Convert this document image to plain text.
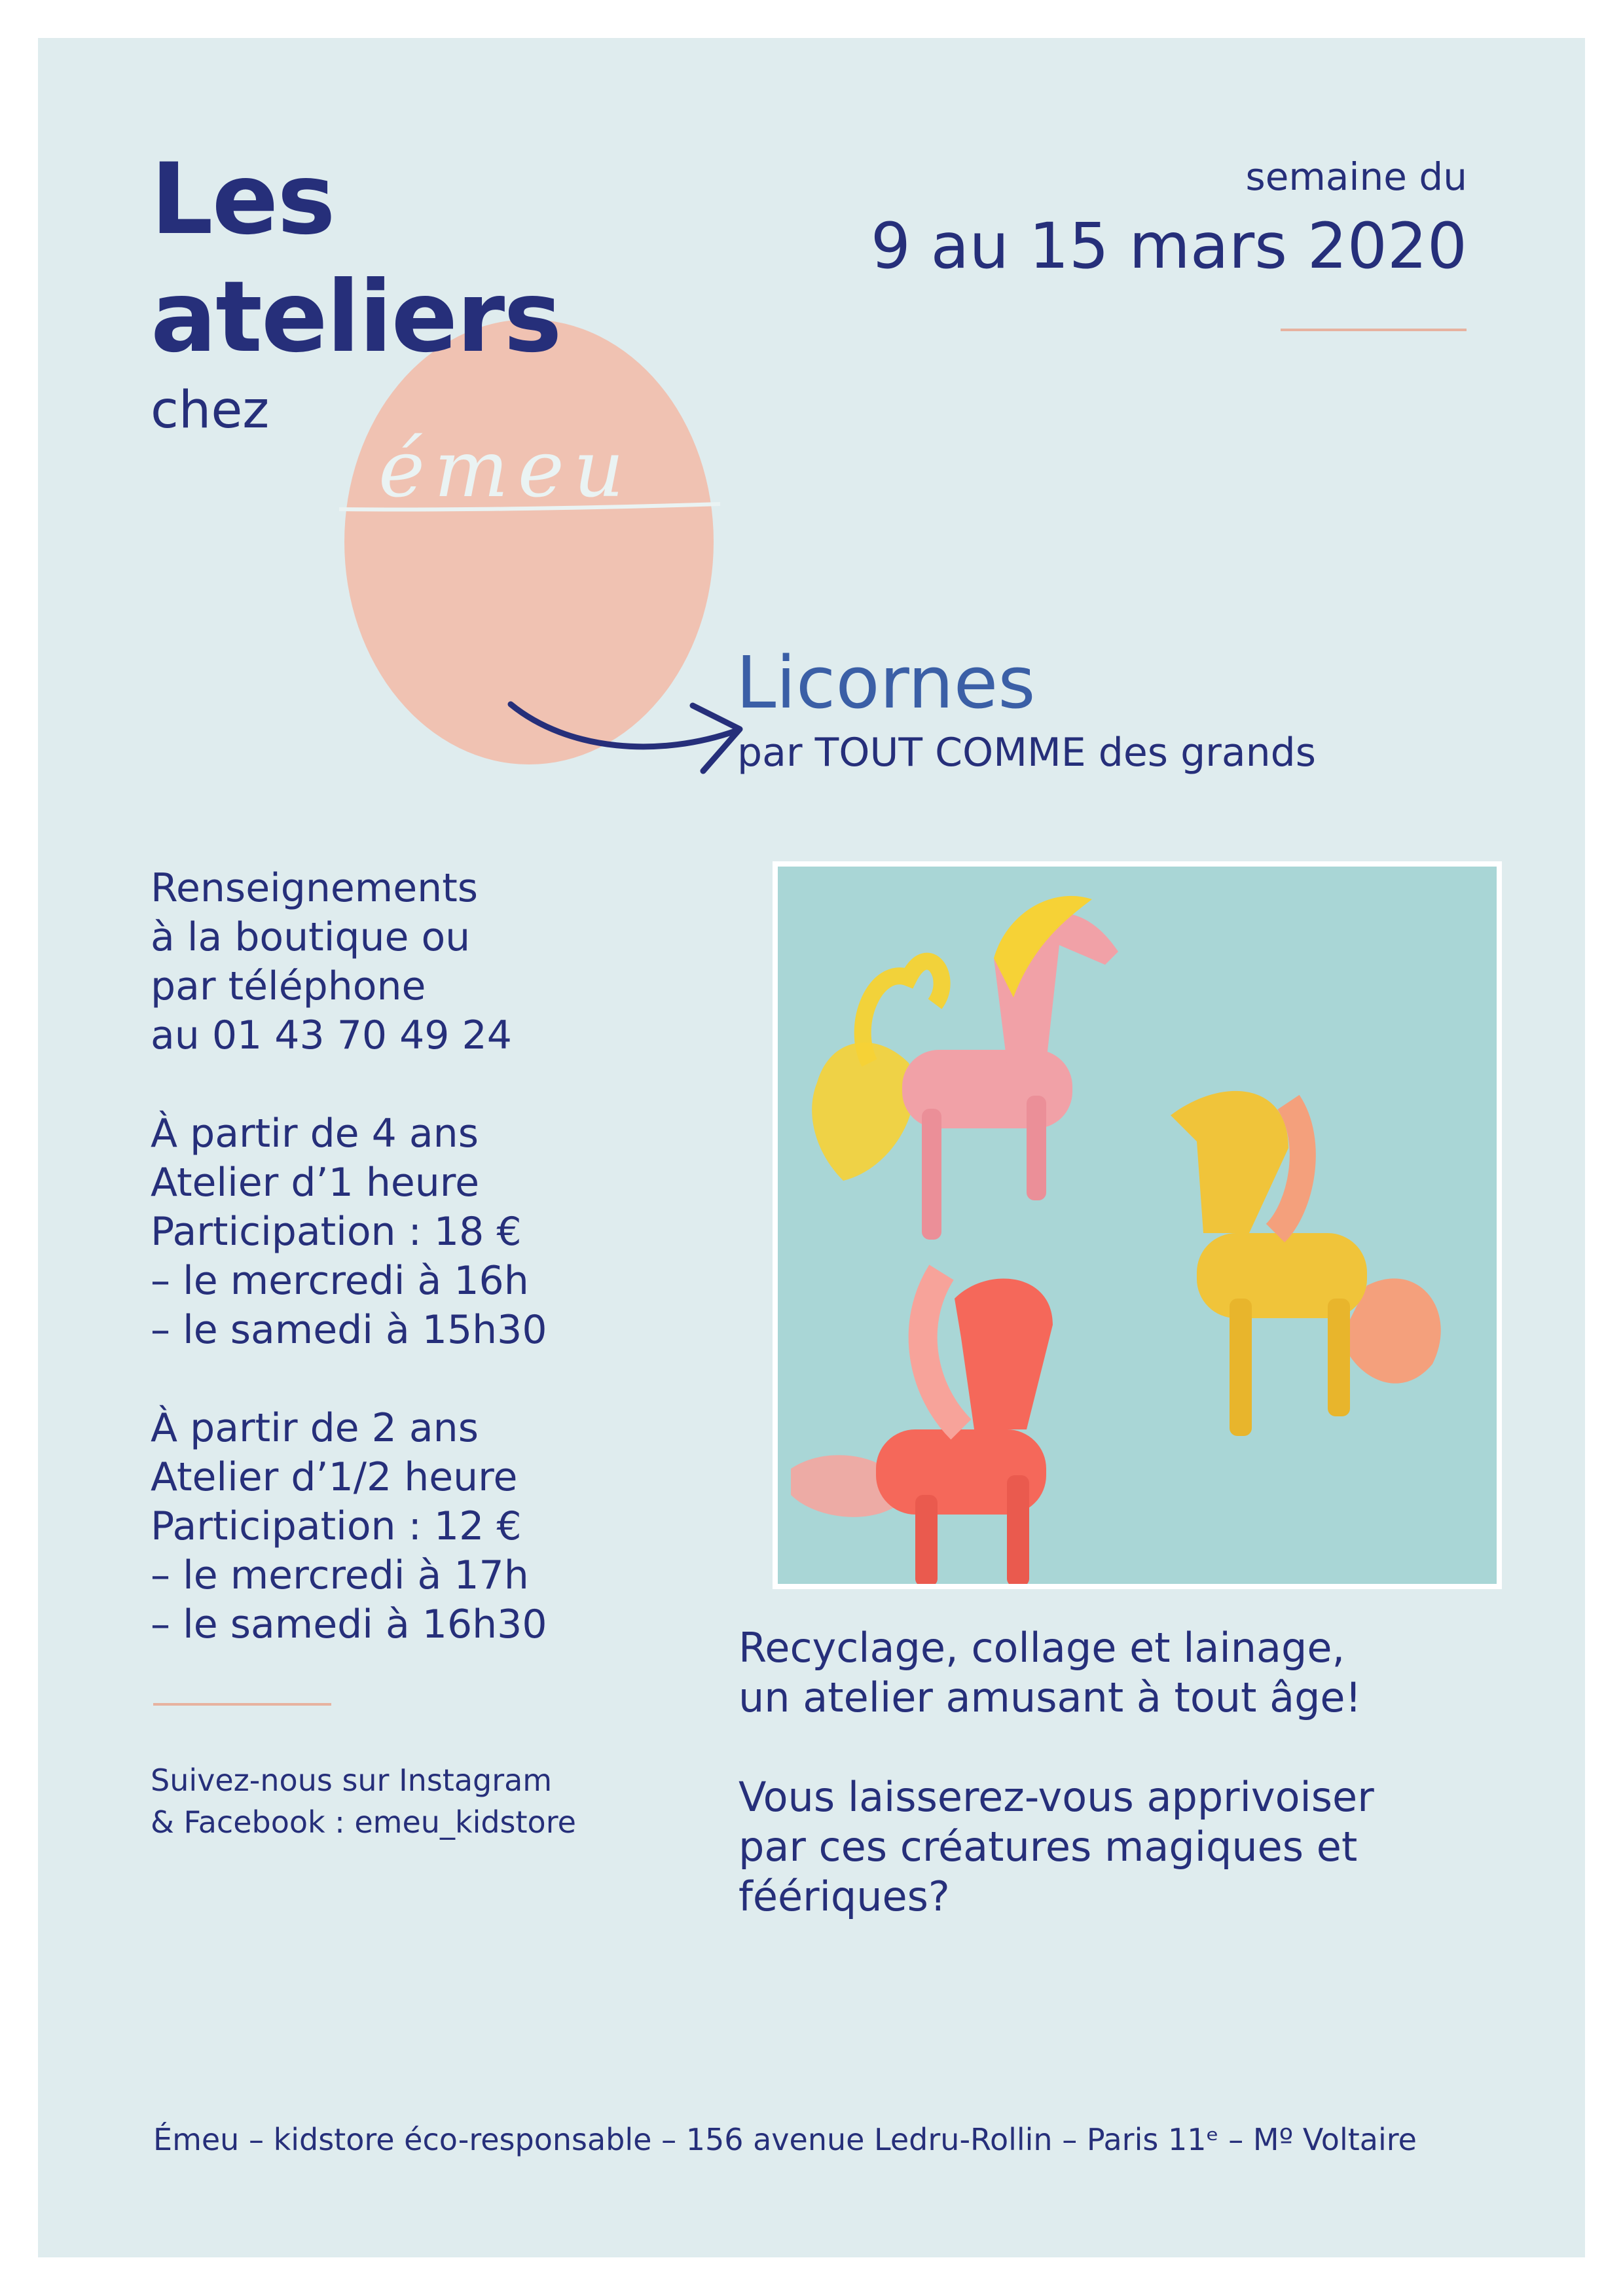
émeu
Les
ateliers
chez
semaine du
9 au 15 mars 2020
Licornes
par TOUT COMME des grands

Renseignements

à la boutique ou

par téléphone

au 01 43 70 49 24

À partir de 4 ans

Atelier d’1 heure

Participation : 18 €

– le mercredi à 16h

– le samedi à 15h30

À partir de 2 ans

Atelier d’1/2 heure

Participation : 12 €

– le mercredi à 17h

– le samedi à 16h30

Suivez-nous sur Instagram
& Facebook : emeu_kidstore
Recyclage, collage et lainage,
un atelier amusant à tout âge!
Vous laisserez-vous apprivoiser
par ces créatures magiques et
féériques?
Émeu – kidstore éco-responsable – 156 avenue Ledru-Rollin – Paris 11ᵉ – Mº Voltaire
